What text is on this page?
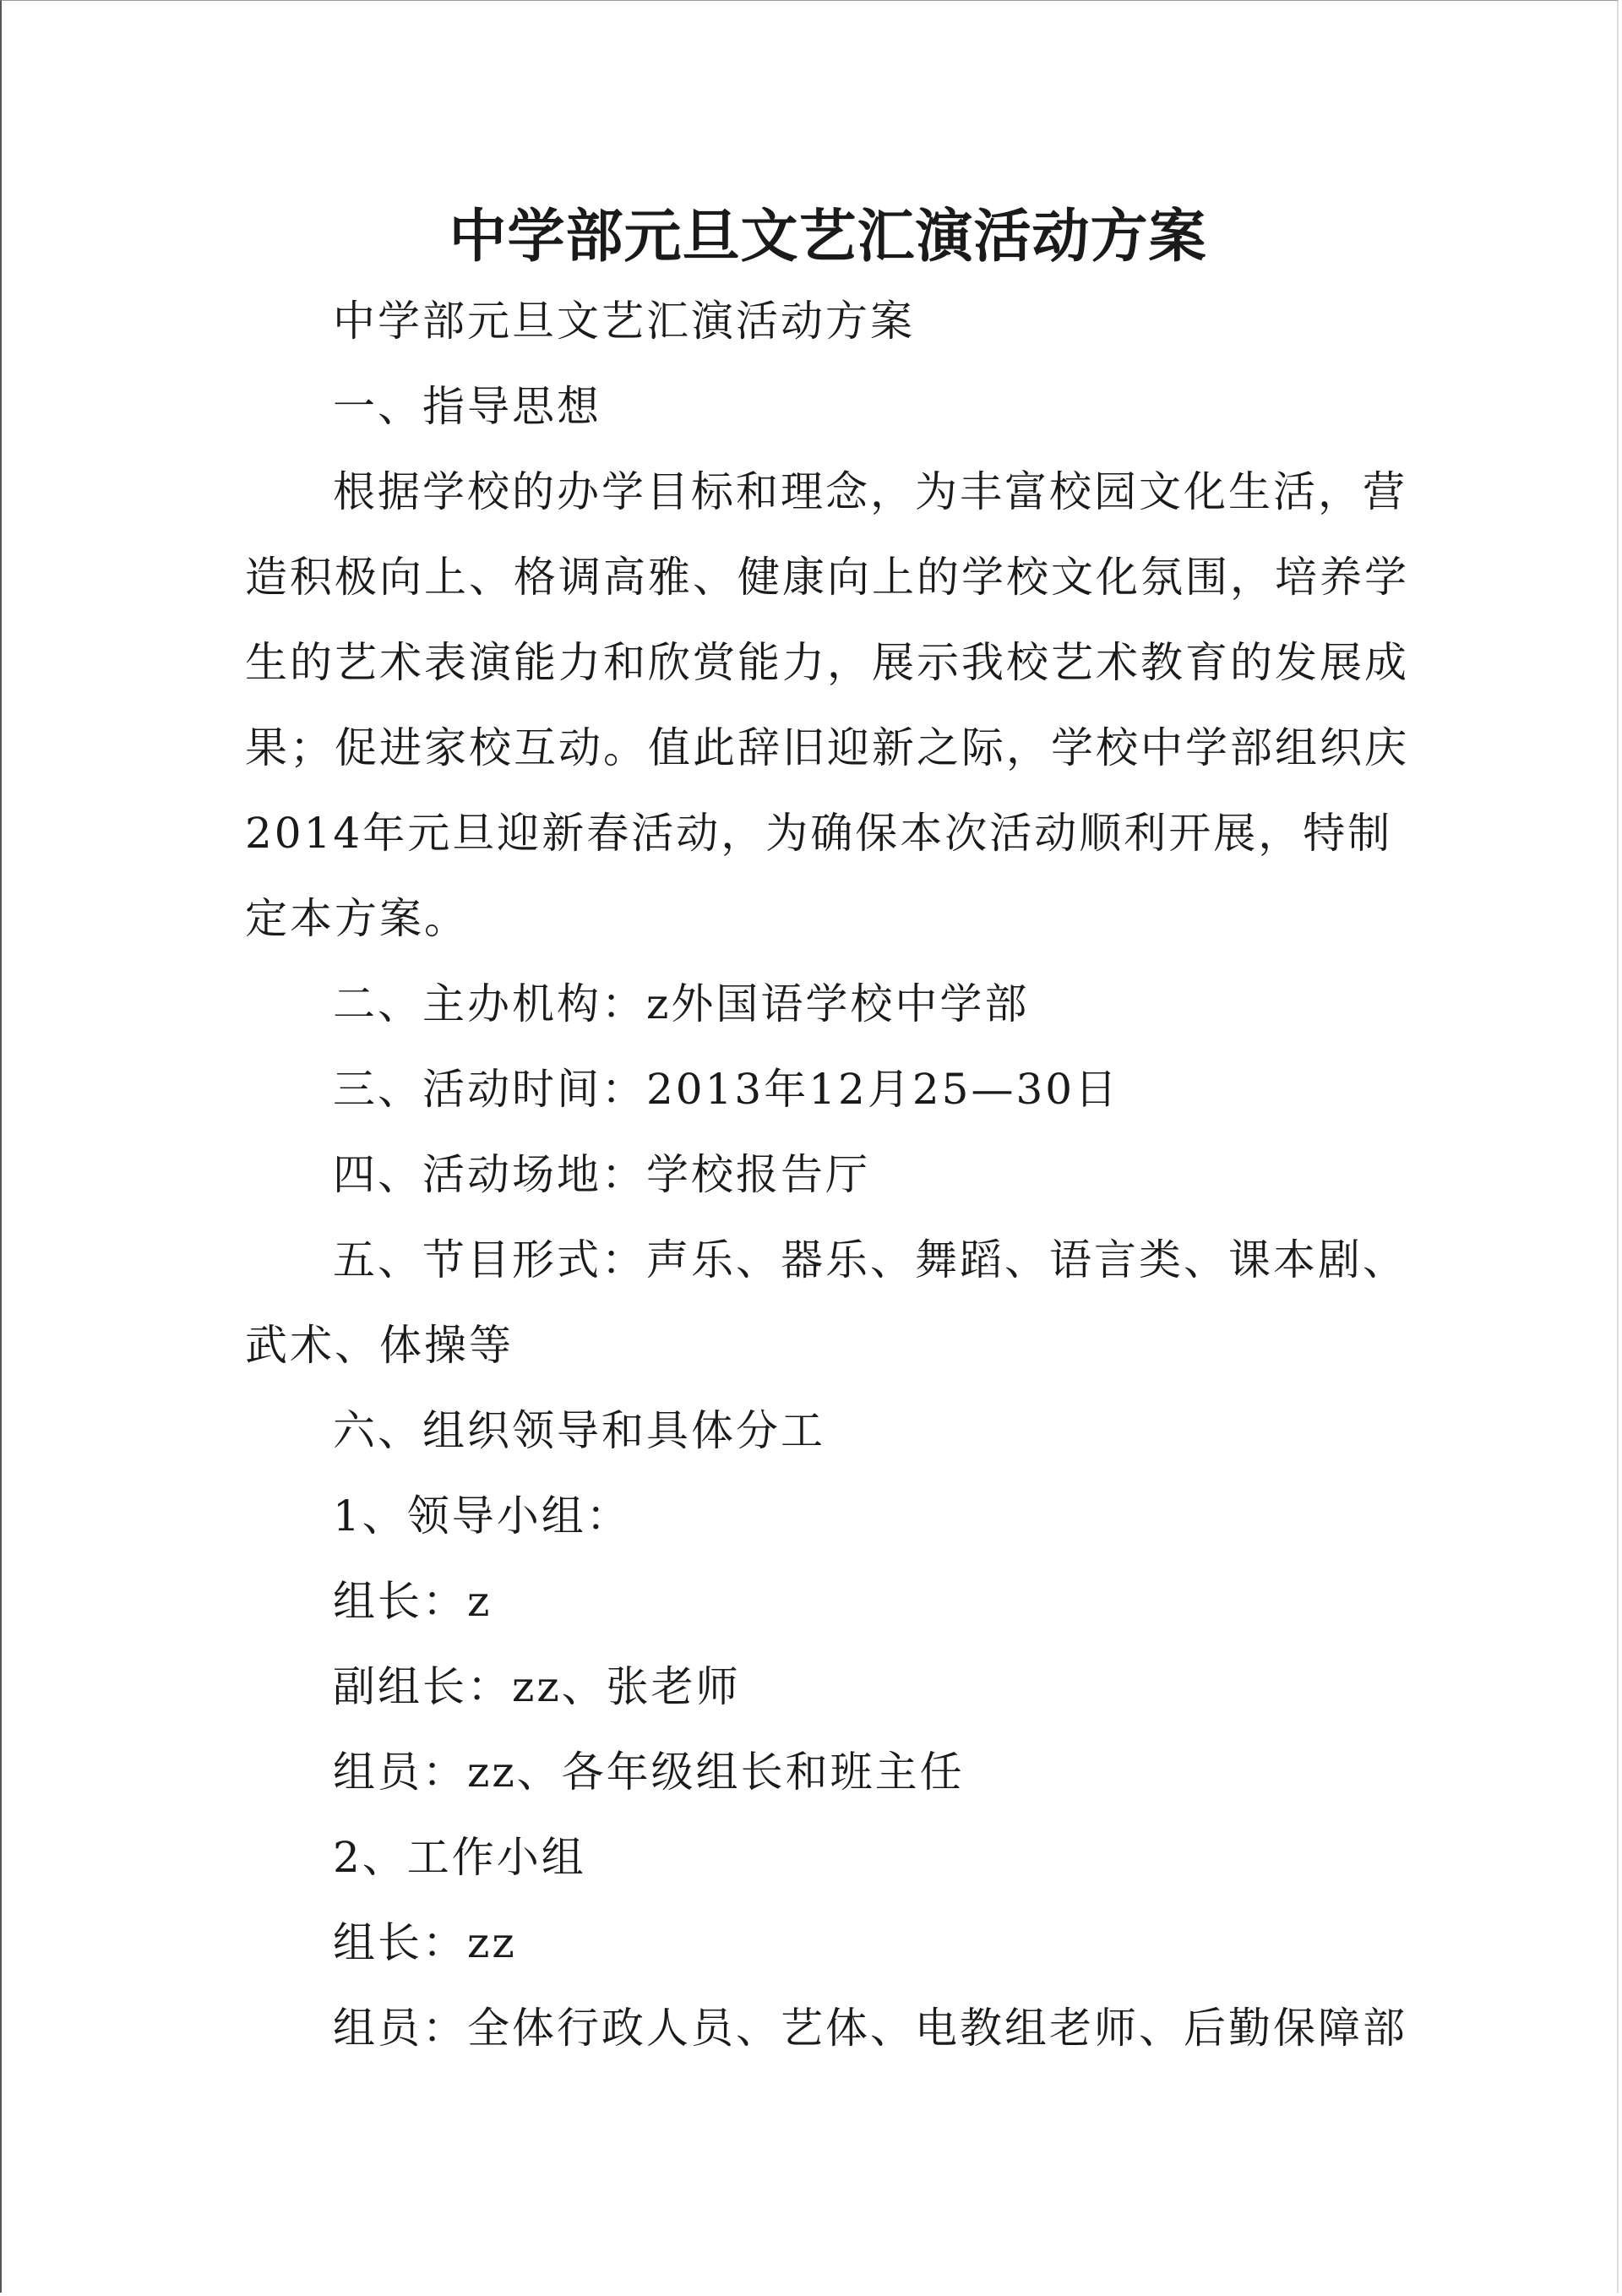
中学部元旦文艺汇演活动方案

中学部元旦文艺汇演活动方案

一、指导思想

根据学校的办学目标和理念，为丰富校园文化生活，营造积极向上、格调高雅、健康向上的学校文化氛围，培养学生的艺术表演能力和欣赏能力，展示我校艺术教育的发展成果；促进家校互动。值此辞旧迎新之际，学校中学部组织庆2014年元旦迎新春活动，为确保本次活动顺利开展，特制定本方案。

二、主办机构：z外国语学校中学部

三、活动时间：2013年12月25—30日

四、活动场地：学校报告厅

五、节目形式：声乐、器乐、舞蹈、语言类、课本剧、武术、体操等

六、组织领导和具体分工

1、领导小组：

组长：z

副组长：zz、张老师

组员：zz、各年级组长和班主任

2、工作小组

组长：zz

组员：全体行政人员、艺体、电教组老师、后勤保障部
